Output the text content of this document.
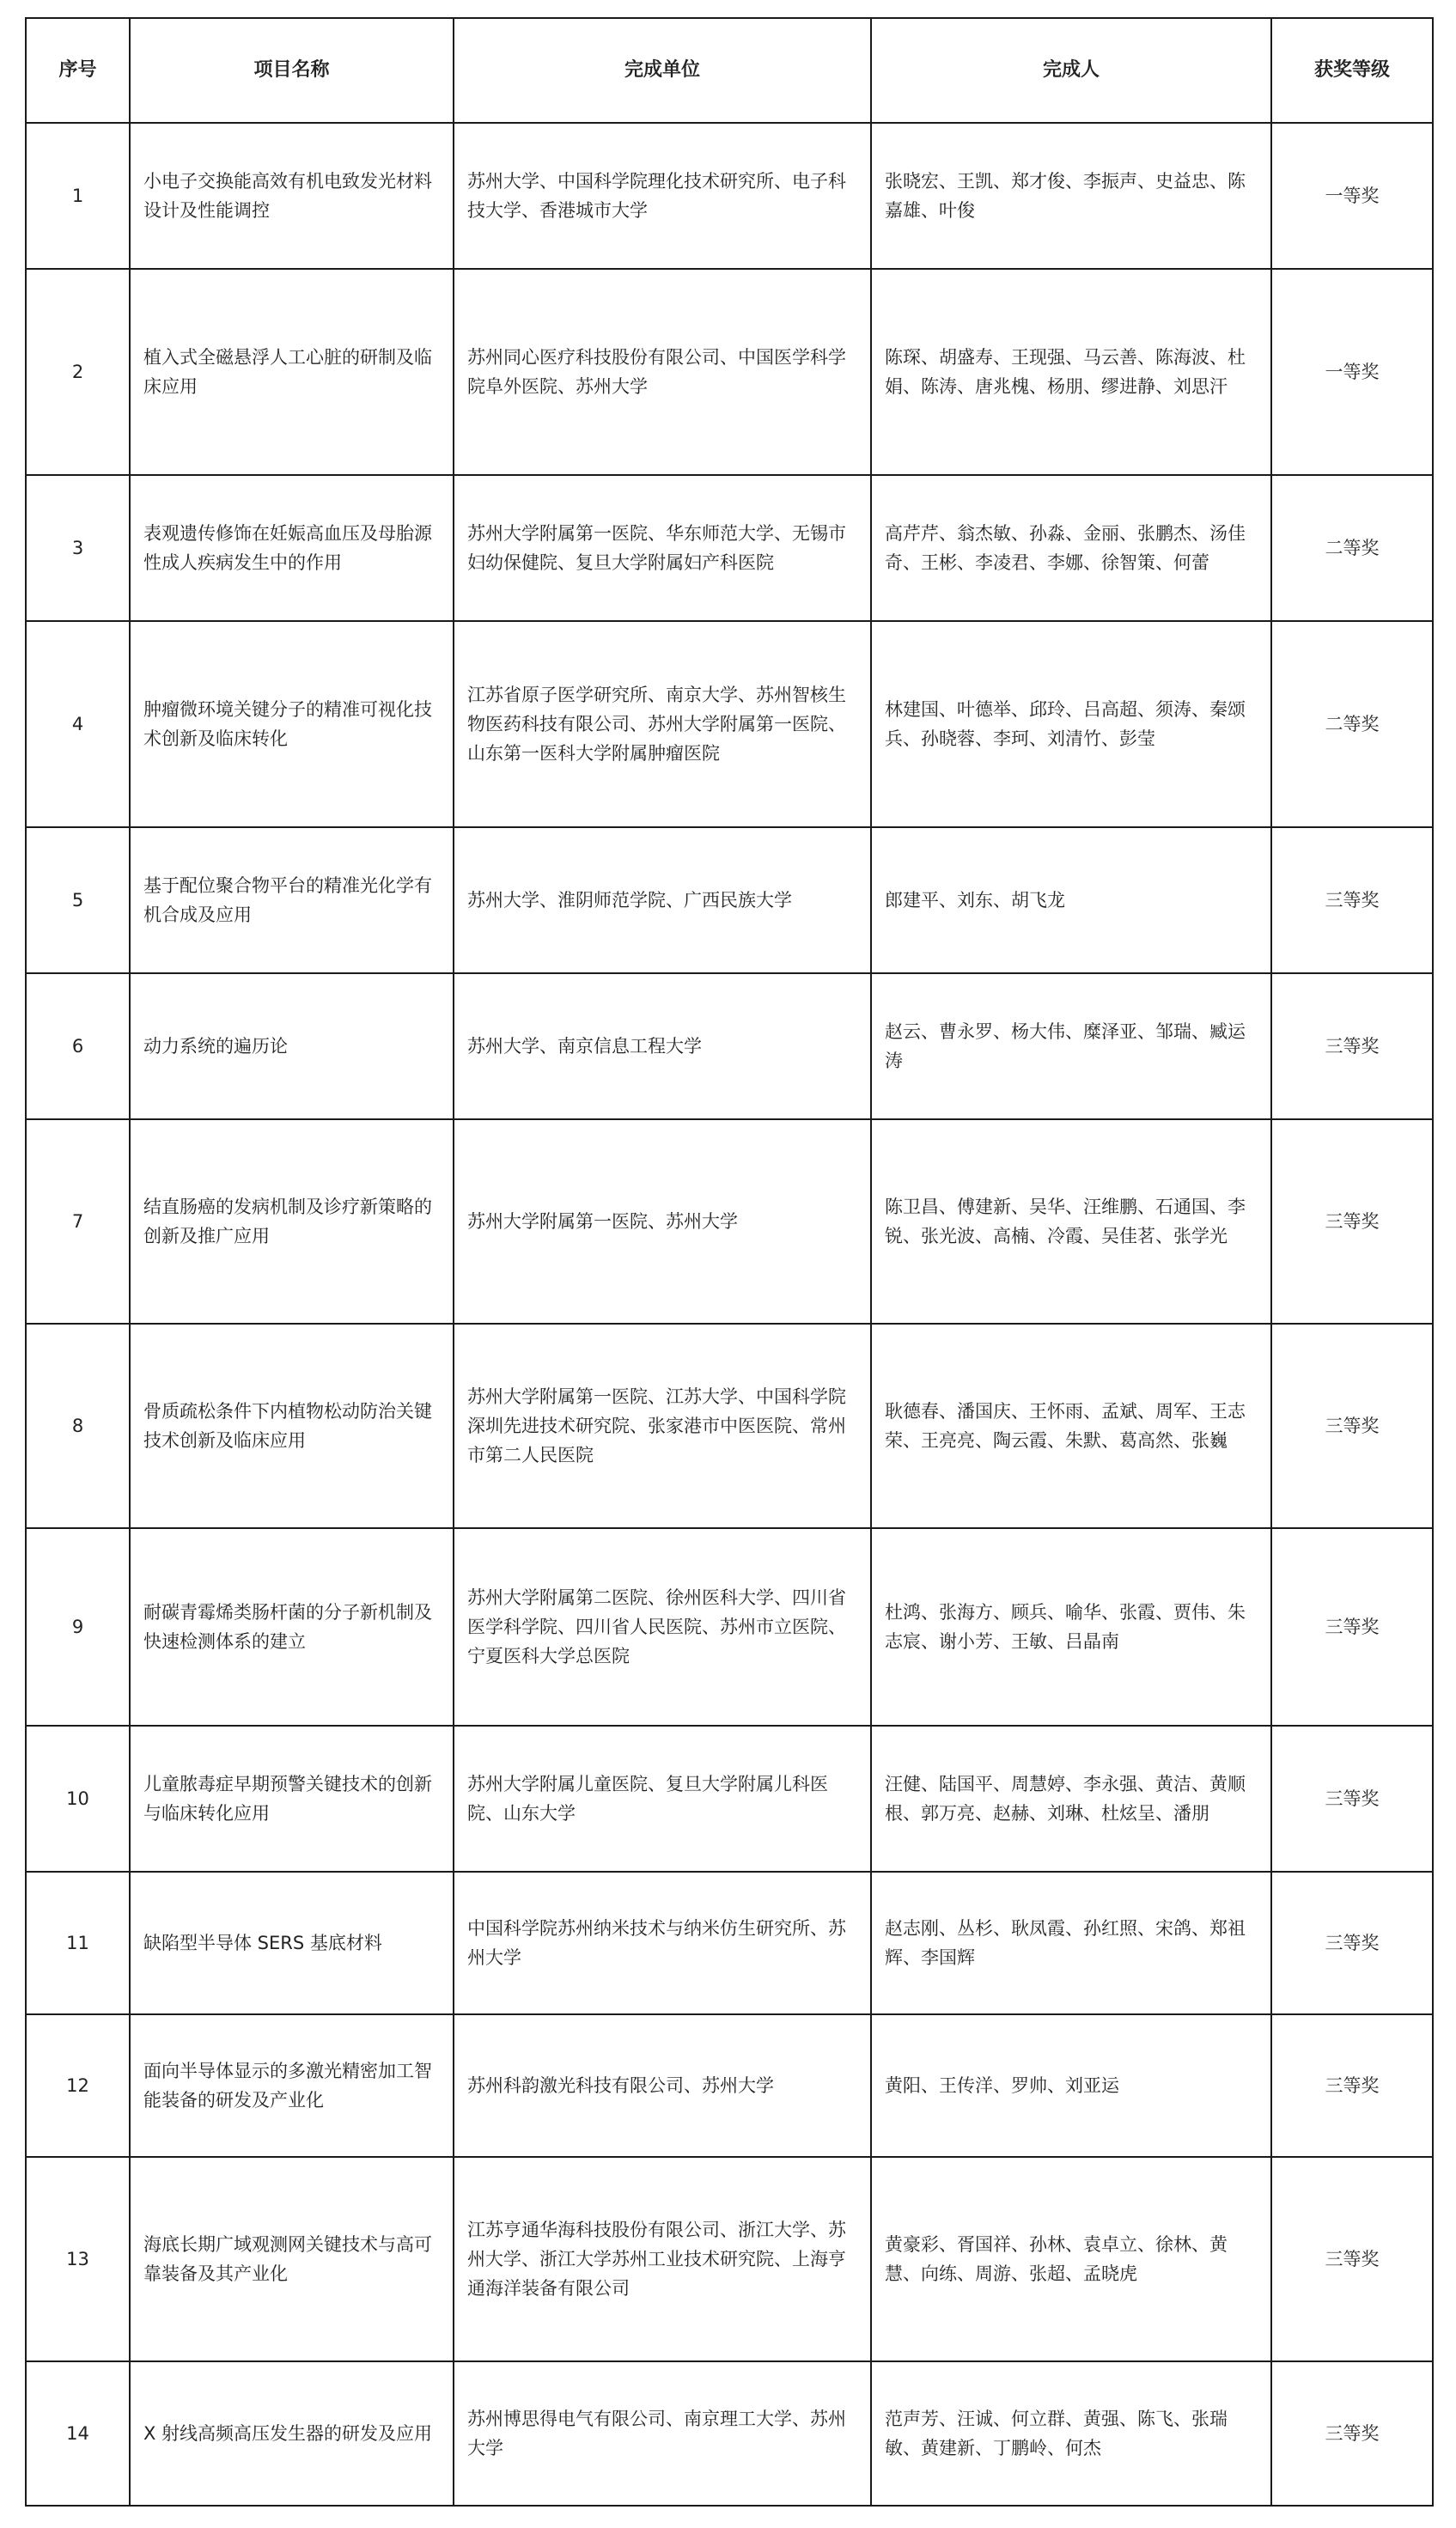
序号	项目名称	完成单位	完成人	获奖等级
1	小电子交换能高效有机电致发光材料设计及性能调控	苏州大学、中国科学院理化技术研究所、电子科技大学、香港城市大学	张晓宏、王凯、郑才俊、李振声、史益忠、陈嘉雄、叶俊	一等奖
2	植入式全磁悬浮人工心脏的研制及临床应用	苏州同心医疗科技股份有限公司、中国医学科学院阜外医院、苏州大学	陈琛、胡盛寿、王现强、马云善、陈海波、杜娟、陈涛、唐兆槐、杨朋、缪进静、刘思汗	一等奖
3	表观遗传修饰在妊娠高血压及母胎源性成人疾病发生中的作用	苏州大学附属第一医院、华东师范大学、无锡市妇幼保健院、复旦大学附属妇产科医院	高芹芹、翁杰敏、孙淼、金丽、张鹏杰、汤佳奇、王彬、李凌君、李娜、徐智策、何蕾	二等奖
4	肿瘤微环境关键分子的精准可视化技术创新及临床转化	江苏省原子医学研究所、南京大学、苏州智核生物医药科技有限公司、苏州大学附属第一医院、山东第一医科大学附属肿瘤医院	林建国、叶德举、邱玲、吕高超、须涛、秦颂兵、孙晓蓉、李珂、刘清竹、彭莹	二等奖
5	基于配位聚合物平台的精准光化学有机合成及应用	苏州大学、淮阴师范学院、广西民族大学	郎建平、刘东、胡飞龙	三等奖
6	动力系统的遍历论	苏州大学、南京信息工程大学	赵云、曹永罗、杨大伟、糜泽亚、邹瑞、臧运涛	三等奖
7	结直肠癌的发病机制及诊疗新策略的创新及推广应用	苏州大学附属第一医院、苏州大学	陈卫昌、傅建新、吴华、汪维鹏、石通国、李锐、张光波、高楠、冷霞、吴佳茗、张学光	三等奖
8	骨质疏松条件下内植物松动防治关键技术创新及临床应用	苏州大学附属第一医院、江苏大学、中国科学院深圳先进技术研究院、张家港市中医医院、常州市第二人民医院	耿德春、潘国庆、王怀雨、孟斌、周军、王志荣、王亮亮、陶云霞、朱默、葛高然、张巍	三等奖
9	耐碳青霉烯类肠杆菌的分子新机制及快速检测体系的建立	苏州大学附属第二医院、徐州医科大学、四川省医学科学院、四川省人民医院、苏州市立医院、宁夏医科大学总医院	杜鸿、张海方、顾兵、喻华、张霞、贾伟、朱志宸、谢小芳、王敏、吕晶南	三等奖
10	儿童脓毒症早期预警关键技术的创新与临床转化应用	苏州大学附属儿童医院、复旦大学附属儿科医院、山东大学	汪健、陆国平、周慧婷、李永强、黄洁、黄顺根、郭万亮、赵赫、刘琳、杜炫呈、潘朋	三等奖
11	缺陷型半导体 SERS 基底材料	中国科学院苏州纳米技术与纳米仿生研究所、苏州大学	赵志刚、丛杉、耿凤霞、孙红照、宋鸽、郑祖辉、李国辉	三等奖
12	面向半导体显示的多激光精密加工智能装备的研发及产业化	苏州科韵激光科技有限公司、苏州大学	黄阳、王传洋、罗帅、刘亚运	三等奖
13	海底长期广域观测网关键技术与高可靠装备及其产业化	江苏亨通华海科技股份有限公司、浙江大学、苏州大学、浙江大学苏州工业技术研究院、上海亨通海洋装备有限公司	黄豪彩、胥国祥、孙林、袁卓立、徐林、黄慧、向练、周游、张超、孟晓虎	三等奖
14	X 射线高频高压发生器的研发及应用	苏州博思得电气有限公司、南京理工大学、苏州大学	范声芳、汪诚、何立群、黄强、陈飞、张瑞敏、黄建新、丁鹏岭、何杰	三等奖
